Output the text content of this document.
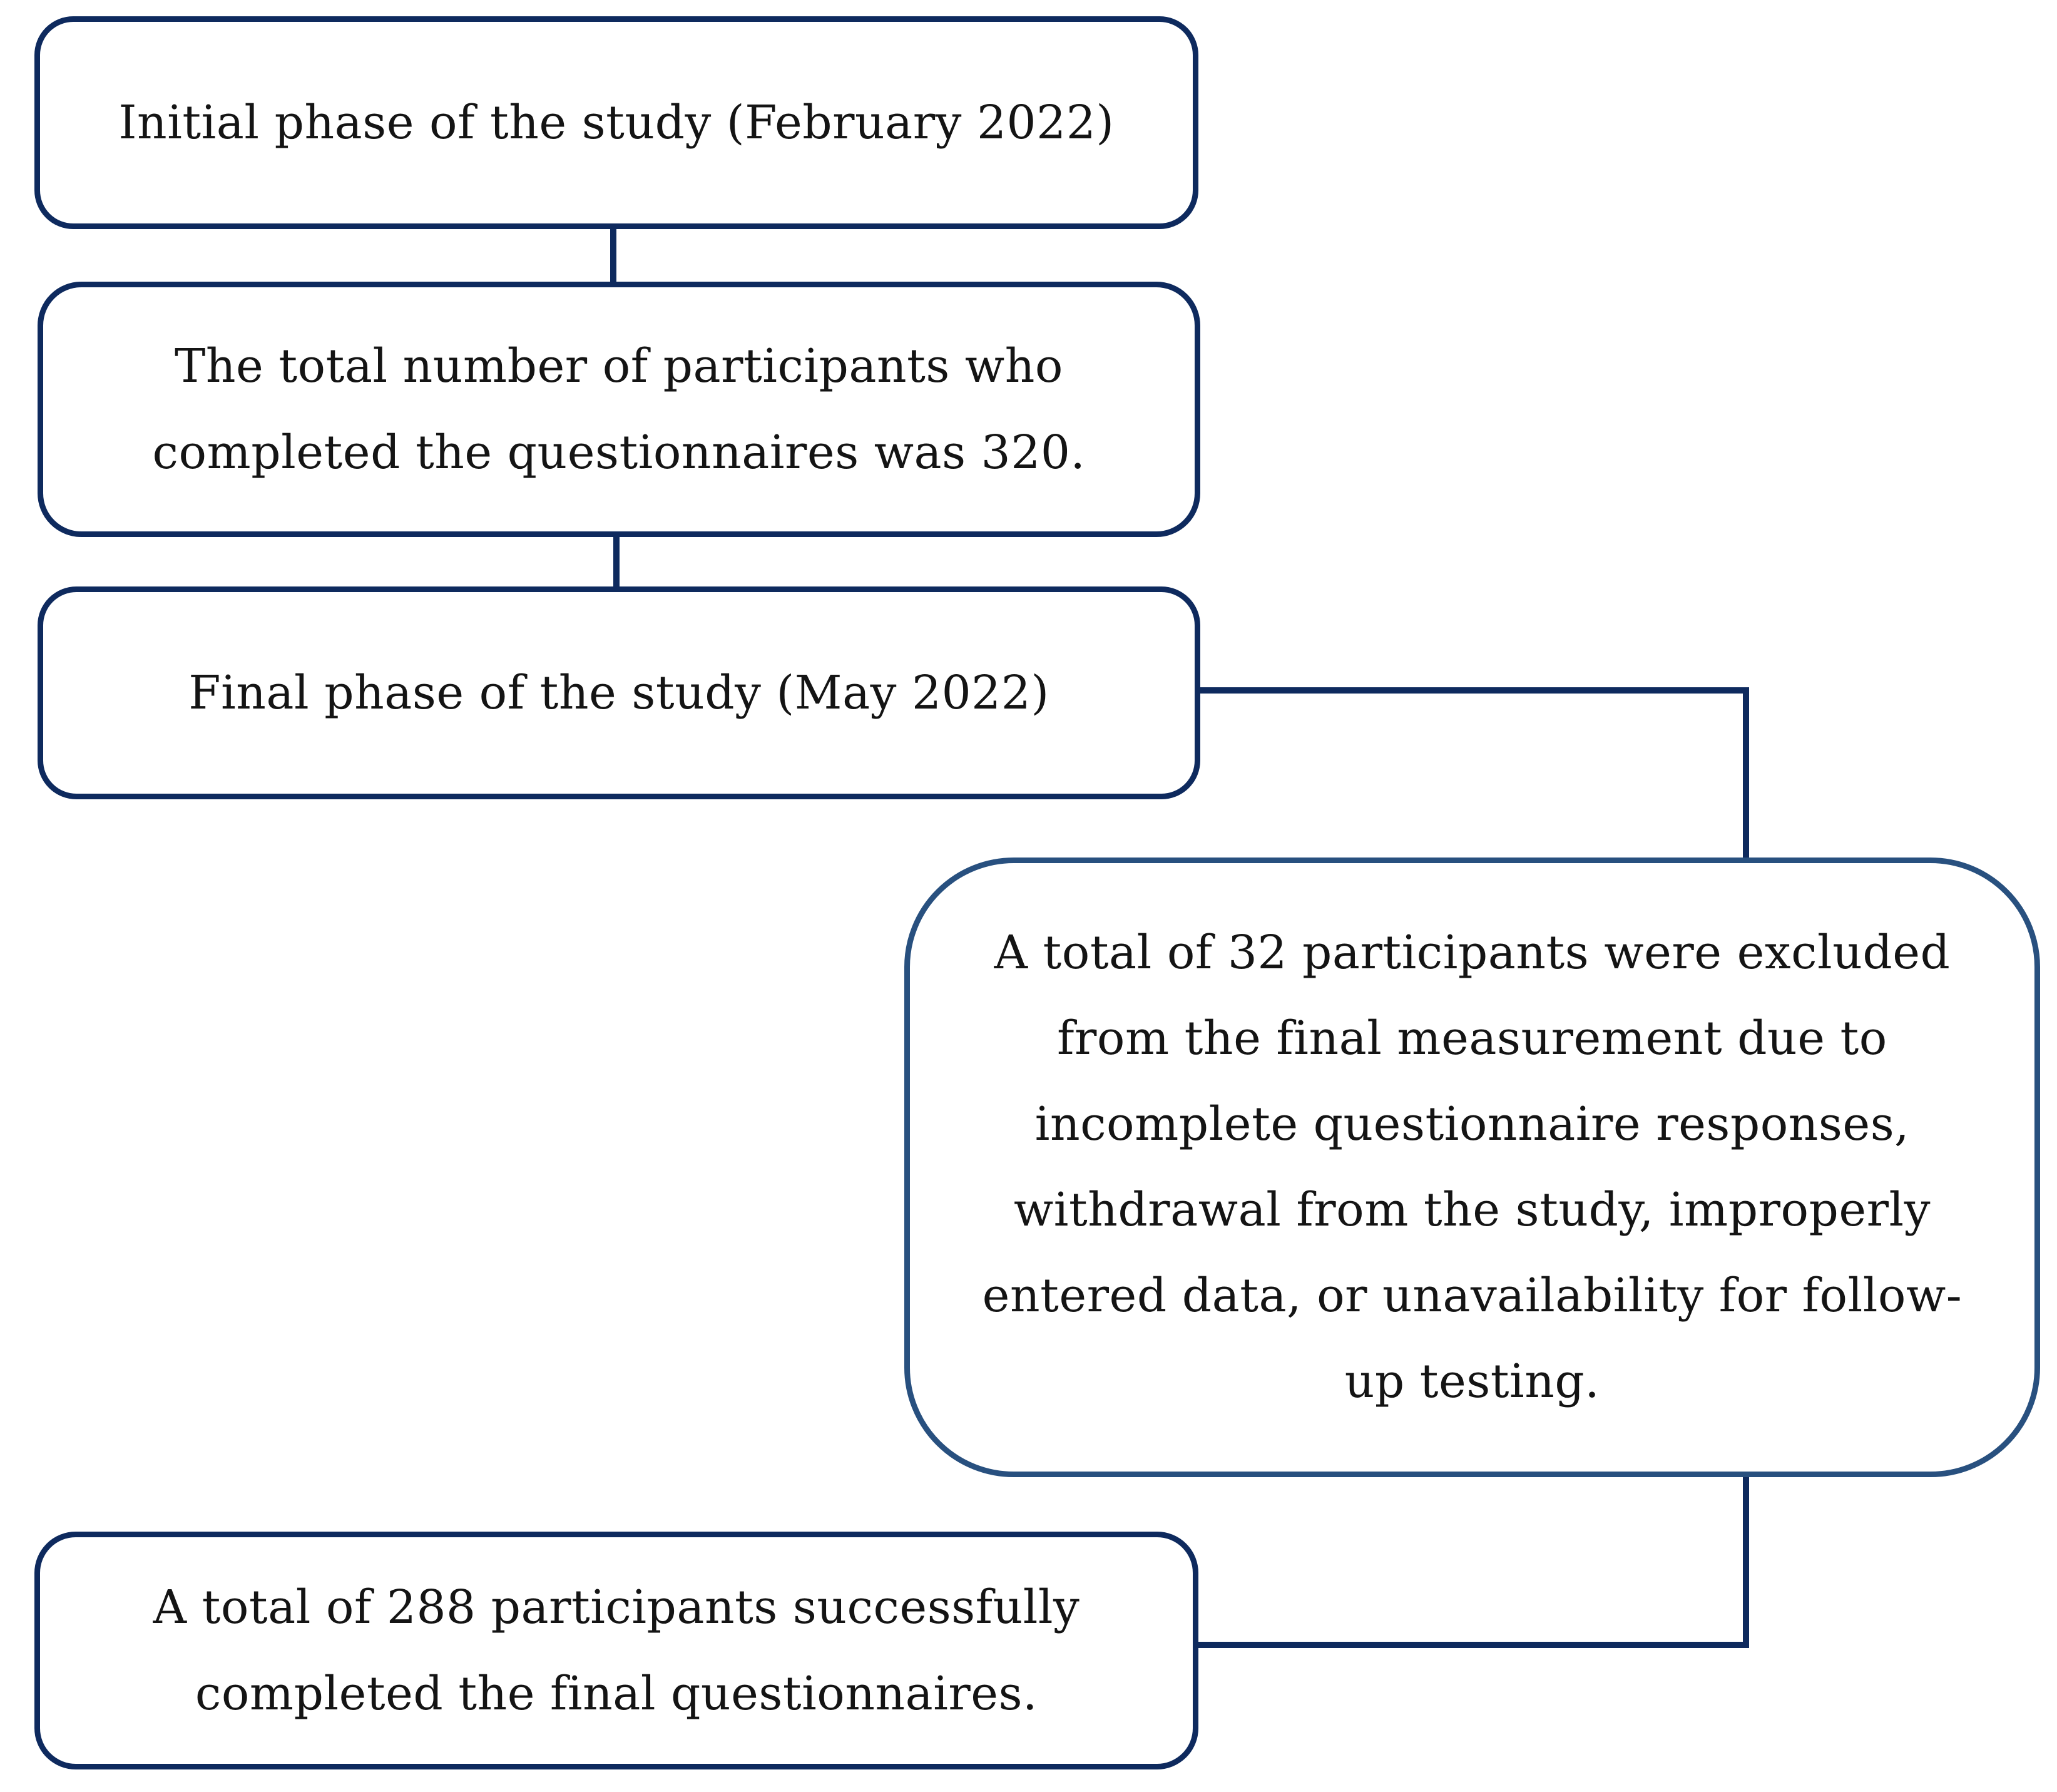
Initial phase of the study (February 2022)
The total number of participants who
completed the questionnaires was 320.
Final phase of the study (May 2022)
A total of 32 participants were excluded
from the final measurement due to
incomplete questionnaire responses,
withdrawal from the study, improperly
entered data, or unavailability for follow-
up testing.
A total of 288 participants successfully
completed the final questionnaires.
